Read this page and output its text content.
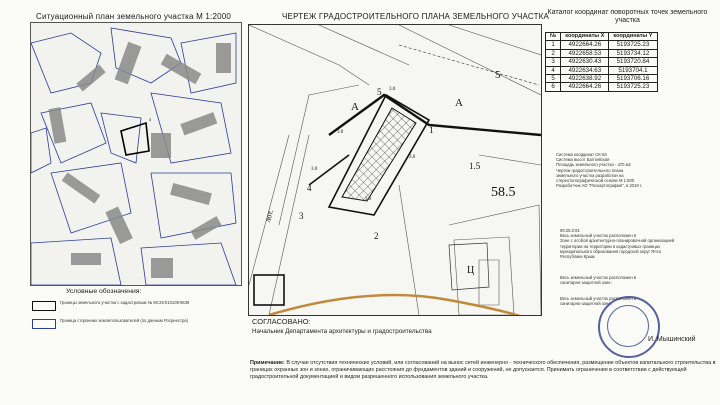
Ситуационный план земельного участка М 1:2000
5
Условные обозначения:
Границы земельного участка с кадастровым № 90:25:010109:9639
Граница сторонних землепользователей (по данным Росреестра)
ЧЕРТЕЖ ГРАДОСТРОИТЕЛЬНОГО ПЛАНА ЗЕМЕЛЬНОГО УЧАСТКА
5
1
2
3
4
3.0
3.0
3.0
3.0
3.0
А	А
5
1.5
58.5
Ц
лот.
СОГЛАСОВАНО:
Начальник Департамента архитектуры и градостроительства
Каталог координат поворотных точек земельного участка
№	координаты X	координаты Y
1	4922664.26	5193725.23
2	4922658.53	5193734.12
3	4922630.43	5193720.84
4	4922634.63	5193704.1
5	4922638.92	5193706.16
6	4922664.26	5193725.23
Система координат СК-63
Система высот Балтийская
Площадь земельного участка - 470 м2
Чертеж градостроительного плана
земельного участка разработан на
стереотопографической основе М 1:500
Разработчик АО "Роскартография", в 2018 г.
90:25:2:91
Весь земельный участок расположен в
Зоне с особой архитектурно-планировочной организацией
территории на территории в кадастровых границах
муниципального образования городской округ Ялта
Республики Крым.
Весь земельный участок расположен в
санитарно-защитной зоне.
Весь земельный участок расположен в
санитарно-защитной зоне.
И. Мышинский
Примечание: В случае отсутствия технических условий, или согласований на вынос сетей инженерно - технического обеспечения, размещение объектов капитального строительства в границах охранных зон и зонах, ограничивающих расстояния до фундаментов зданий и сооружений, не допускается. Принимать ограничения в соответствии с действующей градостроительной документацией и видом разрешенного использования земельного участка.
